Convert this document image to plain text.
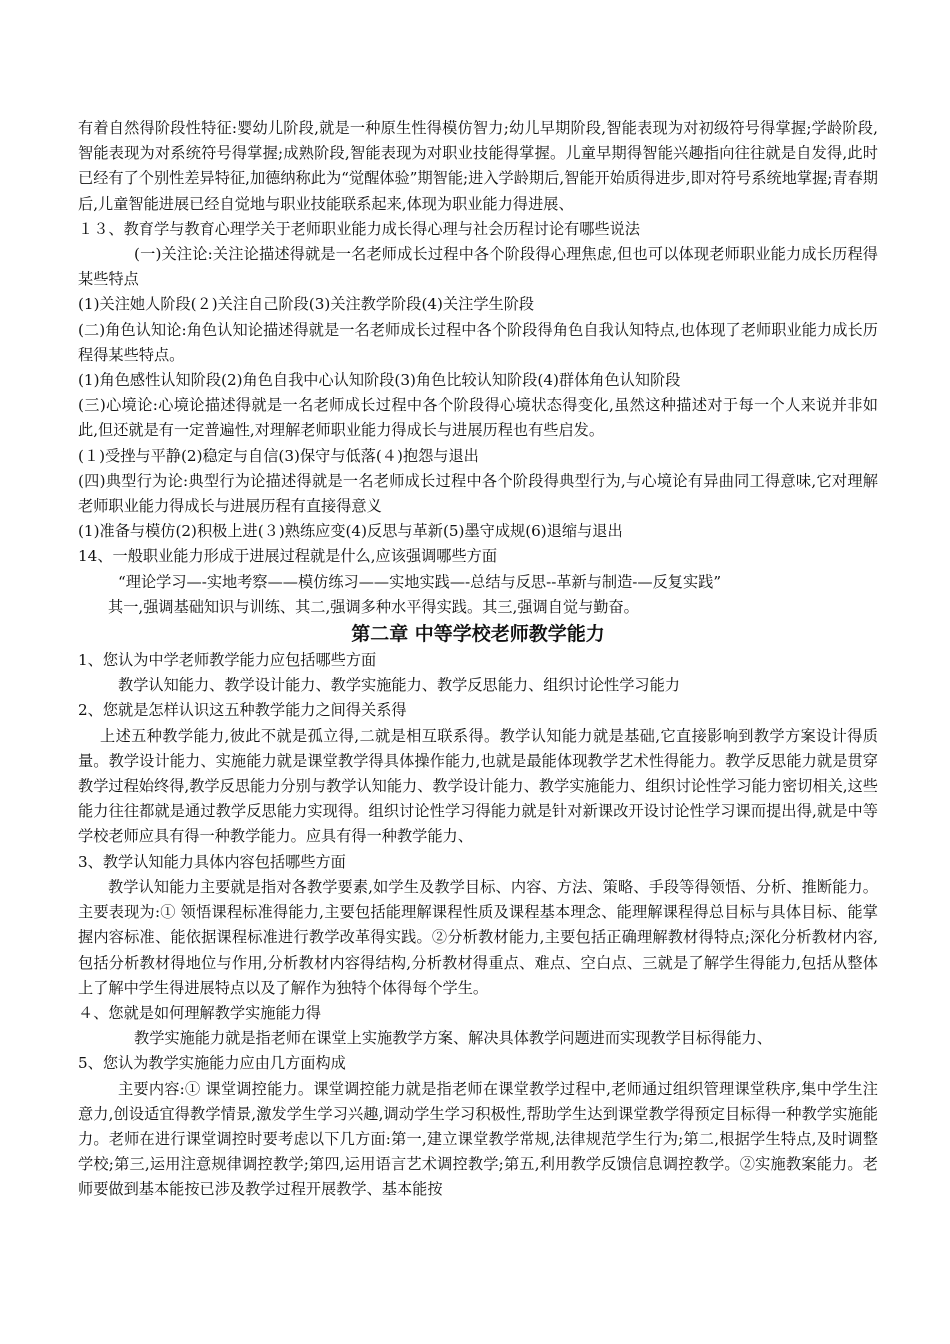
有着自然得阶段性特征:婴幼儿阶段,就是一种原生性得模仿智力;幼儿早期阶段,智能表现为对初级符号得掌握;学龄阶段,智能表现为对系统符号得掌握;成熟阶段,智能表现为对职业技能得掌握。儿童早期得智能兴趣指向往往就是自发得,此时已经有了个别性差异特征,加德纳称此为“觉醒体验”期智能;进入学龄期后,智能开始质得进步,即对符号系统地掌握;青春期后,儿童智能进展已经自觉地与职业技能联系起来,体现为职业能力得进展、

１３、教育学与教育心理学关于老师职业能力成长得心理与社会历程讨论有哪些说法

(一)关注论:关注论描述得就是一名老师成长过程中各个阶段得心理焦虑,但也可以体现老师职业能力成长历程得某些特点

(1)关注她人阶段(２)关注自己阶段(3)关注教学阶段(4)关注学生阶段

(二)角色认知论:角色认知论描述得就是一名老师成长过程中各个阶段得角色自我认知特点,也体现了老师职业能力成长历程得某些特点。

(1)角色感性认知阶段(2)角色自我中心认知阶段(3)角色比较认知阶段(4)群体角色认知阶段

(三)心境论:心境论描述得就是一名老师成长过程中各个阶段得心境状态得变化,虽然这种描述对于每一个人来说并非如此,但还就是有一定普遍性,对理解老师职业能力得成长与进展历程也有些启发。

(１)受挫与平静(2)稳定与自信(3)保守与低落(４)抱怨与退出

(四)典型行为论:典型行为论描述得就是一名老师成长过程中各个阶段得典型行为,与心境论有异曲同工得意味,它对理解老师职业能力得成长与进展历程有直接得意义

(1)准备与模仿(2)积极上进(３)熟练应变(4)反思与革新(5)墨守成规(6)退缩与退出

14、一般职业能力形成于进展过程就是什么,应该强调哪些方面

“理论学习—-实地考察——模仿练习——实地实践—-总结与反思--革新与制造-—反复实践”

其一,强调基础知识与训练、其二,强调多种水平得实践。其三,强调自觉与勤奋。

第二章 中等学校老师教学能力

1、您认为中学老师教学能力应包括哪些方面

教学认知能力、教学设计能力、教学实施能力、教学反思能力、组织讨论性学习能力

2、您就是怎样认识这五种教学能力之间得关系得

上述五种教学能力,彼此不就是孤立得,二就是相互联系得。教学认知能力就是基础,它直接影响到教学方案设计得质量。教学设计能力、实施能力就是课堂教学得具体操作能力,也就是最能体现教学艺术性得能力。教学反思能力就是贯穿教学过程始终得,教学反思能力分别与教学认知能力、教学设计能力、教学实施能力、组织讨论性学习能力密切相关,这些能力往往都就是通过教学反思能力实现得。组织讨论性学习得能力就是针对新课改开设讨论性学习课而提出得,就是中等学校老师应具有得一种教学能力。应具有得一种教学能力、

3、教学认知能力具体内容包括哪些方面

教学认知能力主要就是指对各教学要素,如学生及教学目标、内容、方法、策略、手段等得领悟、分析、推断能力。主要表现为:① 领悟课程标准得能力,主要包括能理解课程性质及课程基本理念、能理解课程得总目标与具体目标、能掌握内容标准、能依据课程标准进行教学改革得实践。②分析教材能力,主要包括正确理解教材得特点;深化分析教材内容,包括分析教材得地位与作用,分析教材内容得结构,分析教材得重点、难点、空白点、三就是了解学生得能力,包括从整体上了解中学生得进展特点以及了解作为独特个体得每个学生。

４、您就是如何理解教学实施能力得

教学实施能力就是指老师在课堂上实施教学方案、解决具体教学问题进而实现教学目标得能力、

5、您认为教学实施能力应由几方面构成

主要内容:① 课堂调控能力。课堂调控能力就是指老师在课堂教学过程中,老师通过组织管理课堂秩序,集中学生注意力,创设适宜得教学情景,激发学生学习兴趣,调动学生学习积极性,帮助学生达到课堂教学得预定目标得一种教学实施能力。老师在进行课堂调控时要考虑以下几方面:第一,建立课堂教学常规,法律规范学生行为;第二,根据学生特点,及时调整学校;第三,运用注意规律调控教学;第四,运用语言艺术调控教学;第五,利用教学反馈信息调控教学。②实施教案能力。老师要做到基本能按已涉及教学过程开展教学、基本能按
